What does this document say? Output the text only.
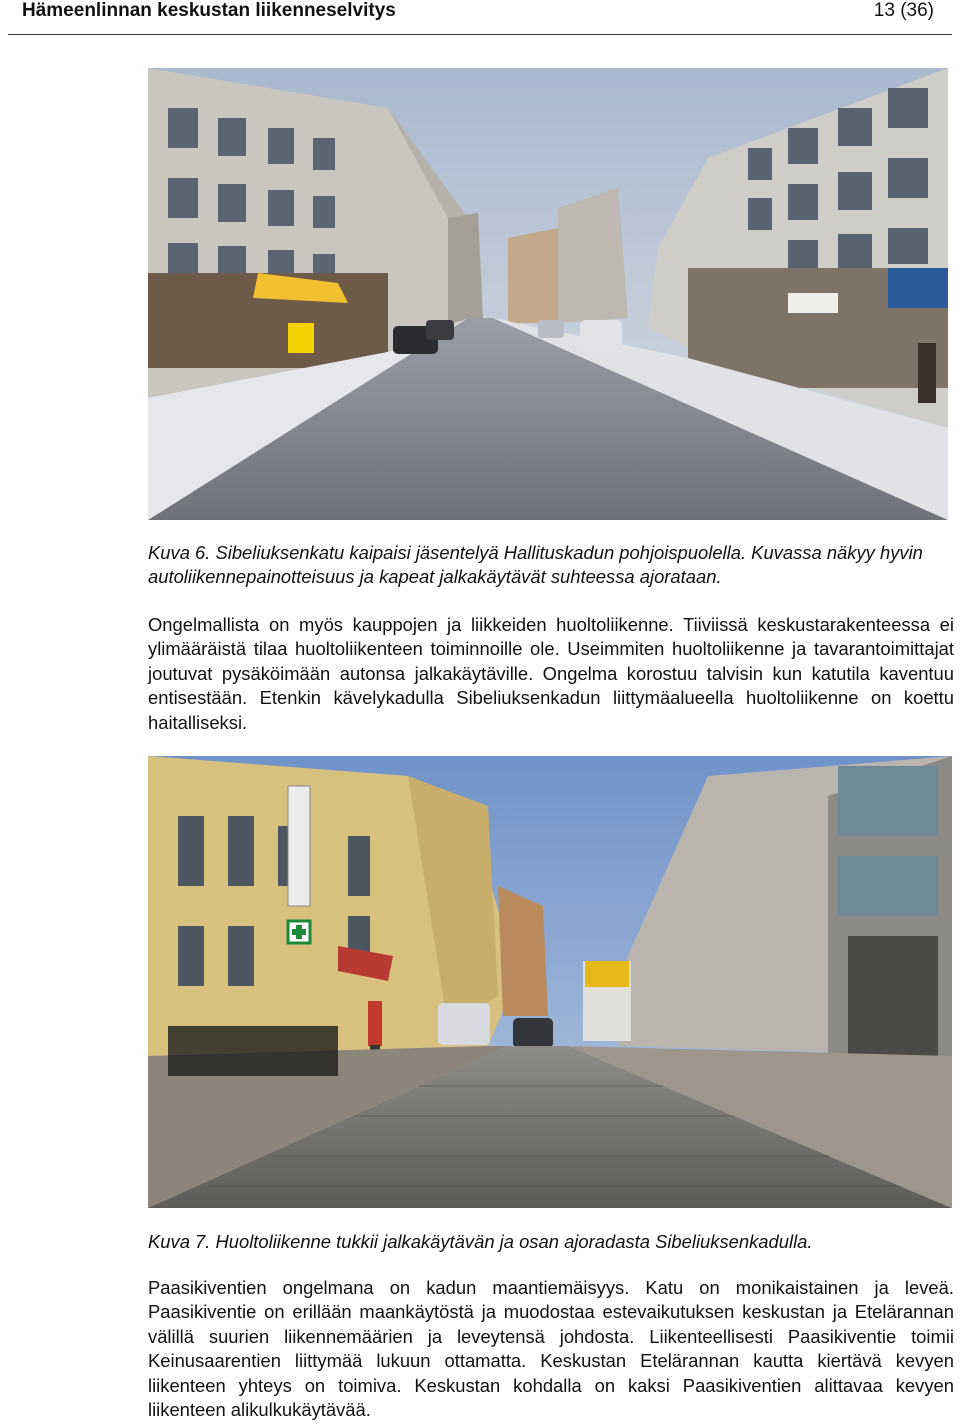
Hämeenlinnan keskustan liikenneselvitys	13 (36)
Kuva 6. Sibeliuksenkatu kaipaisi jäsentelyä Hallituskadun pohjoispuolella. Kuvassa näkyy hyvin autoliikennepainotteisuus ja kapeat jalkakäytävät suhteessa ajorataan.
Ongelmallista on myös kauppojen ja liikkeiden huoltoliikenne. Tiiviissä keskustarakenteessa ei ylimääräistä tilaa huoltoliikenteen toiminnoille ole. Useimmiten huoltoliikenne ja tavarantoimittajat joutuvat pysäköimään autonsa jalkakäytäville. Ongelma korostuu talvisin kun katutila kaventuu entisestään. Etenkin kävelykadulla Sibeliuksenkadun liittymäalueella huoltoliikenne on koettu haitalliseksi.
Kuva 7. Huoltoliikenne tukkii jalkakäytävän ja osan ajoradasta Sibeliuksenkadulla.
Paasikiventien ongelmana on kadun maantiemäisyys. Katu on monikaistainen ja leveä. Paasikiventie on erillään maankäytöstä ja muodostaa estevaikutuksen keskustan ja Etelärannan välillä suurien liikennemäärien ja leveytensä johdosta. Liikenteellisesti Paasikiventie toimii Keinusaarentien liittymää lukuun ottamatta. Keskustan Etelärannan kautta kiertävä kevyen liikenteen yhteys on toimiva. Keskustan kohdalla on kaksi Paasikiventien alittavaa kevyen liikenteen alikulkukäytävää.
